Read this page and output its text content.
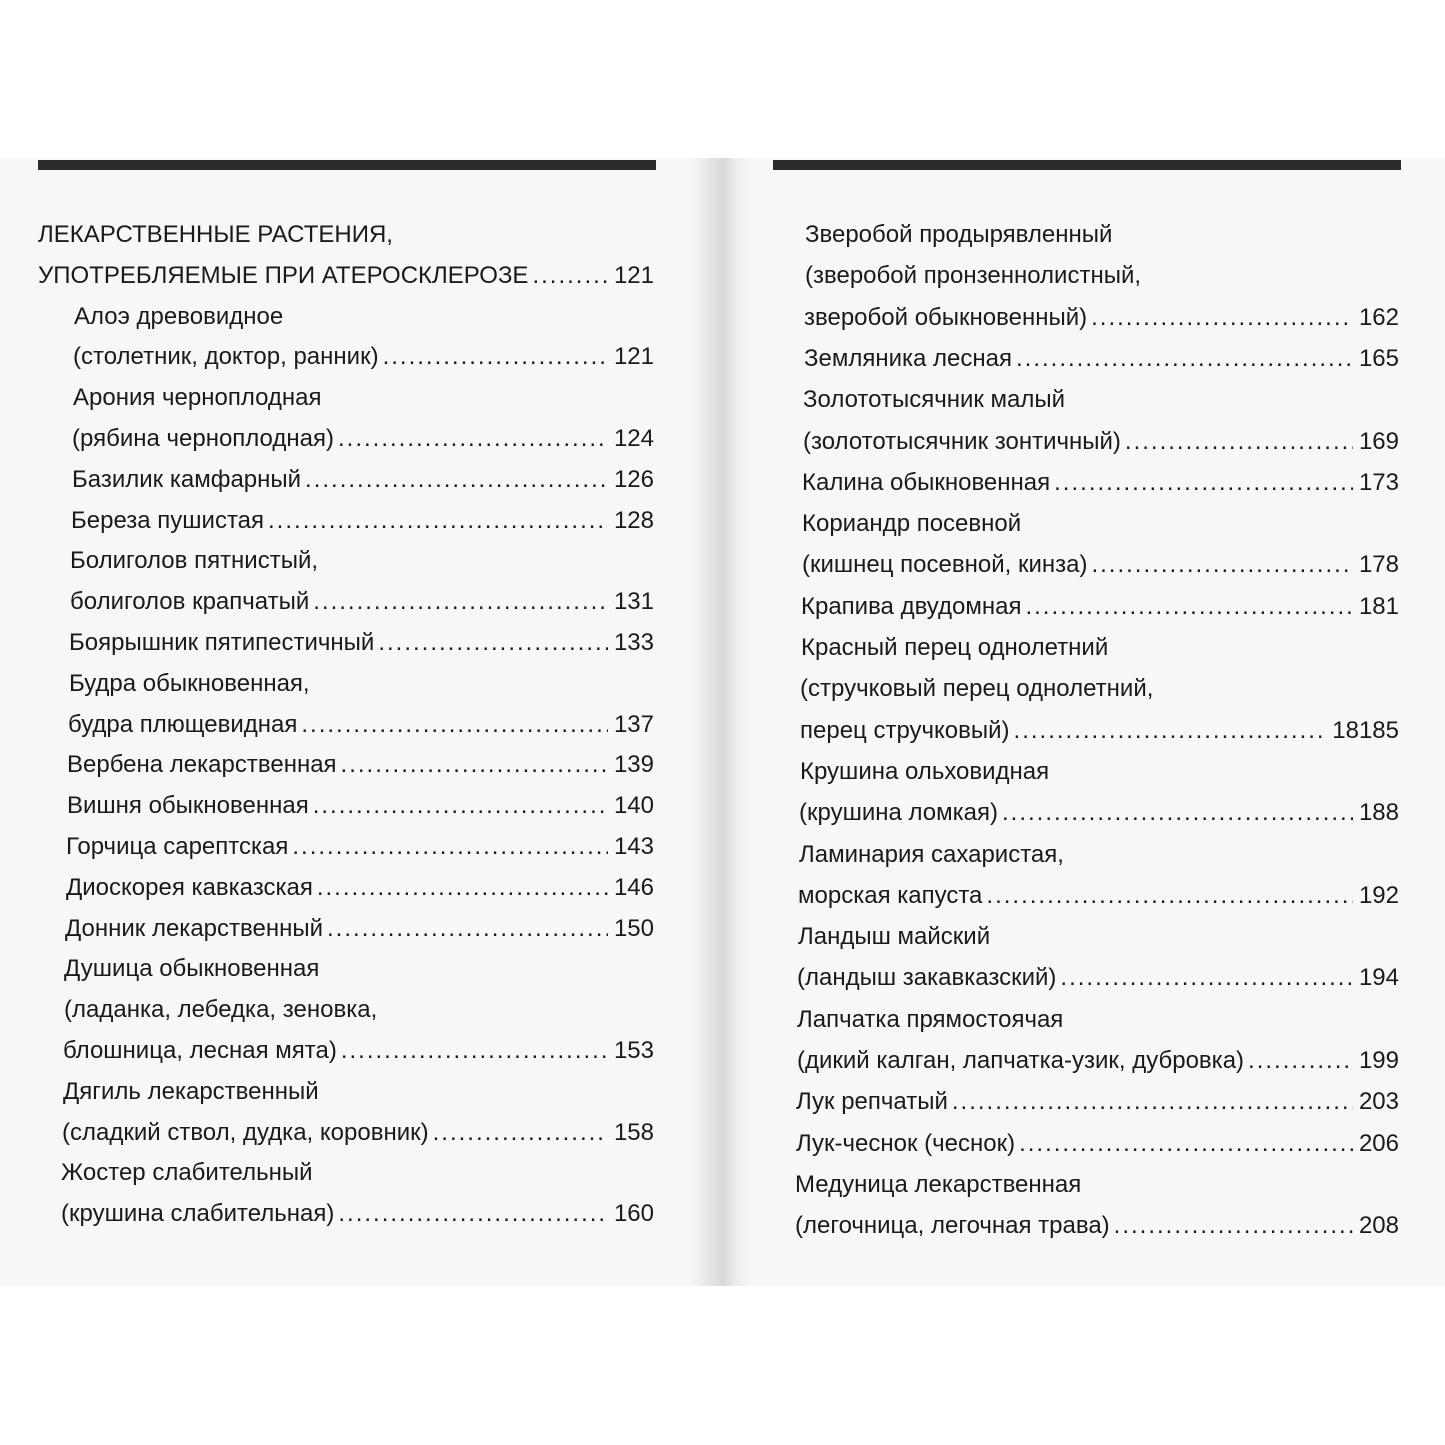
ЛЕКАРСТВЕННЫЕ РАСТЕНИЯ,
УПОТРЕБЛЯЕМЫЕ ПРИ АТЕРОСКЛЕРОЗЕ .....	121
Алоэ древовидное
(столетник, доктор, ранник) .....	121
Арония черноплодная
(рябина черноплодная) .....	124
Базилик камфарный .....	126
Береза пушистая .....	128
Болиголов пятнистый,
болиголов крапчатый .....	131
Боярышник пятипестичный .....	133
Будра обыкновенная,
будра плющевидная .....	137
Вербена лекарственная .....	139
Вишня обыкновенная .....	140
Горчица сарептская .....	143
Диоскорея кавказская .....	146
Донник лекарственный .....	150
Душица обыкновенная
(ладанка, лебедка, зеновка,
блошница, лесная мята) .....	153
Дягиль лекарственный
(сладкий ствол, дудка, коровник) .....	158
Жостер слабительный
(крушина слабительная) .....	160
Зверобой продырявленный
(зверобой пронзеннолистный,
зверобой обыкновенный) .....	162
Земляника лесная .....	165
Золототысячник малый
(золототысячник зонтичный) .....	169
Калина обыкновенная .....	173
Кориандр посевной
(кишнец посевной, кинза) .....	178
Крапива двудомная .....	181
Красный перец однолетний
(стручковый перец однолетний,
перец стручковый) .....	18185
Крушина ольховидная
(крушина ломкая) .....	188
Ламинария сахаристая,
морская капуста .....	192
Ландыш майский
(ландыш закавказский) .....	194
Лапчатка прямостоячая
(дикий калган, лапчатка-узик, дубровка) .....	199
Лук репчатый .....	203
Лук-чеснок (чеснок) .....	206
Медуница лекарственная
(легочница, легочная трава) .....	208
